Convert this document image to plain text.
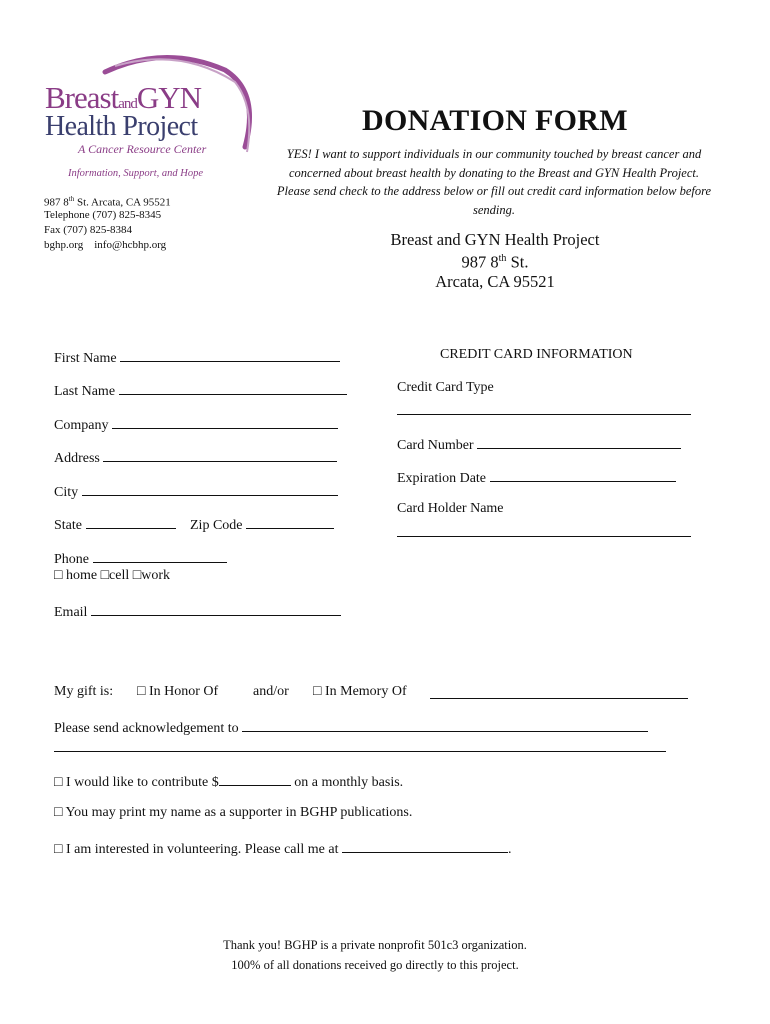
BreastandGYN
Health Project
A Cancer Resource Center
Information, Support, and Hope
987 8th St. Arcata, CA 95521
Telephone (707) 825-8345
Fax (707) 825-8384
bghp.org info@hcbhp.org
DONATION FORM
YES! I want to support individuals in our community touched by breast cancer and concerned about breast health by donating to the Breast and GYN Health Project. Please send check to the address below or fill out credit card information below before sending.
Breast and GYN Health Project
987 8th St.
Arcata, CA 95521
First Name
Last Name
Company
Address
City
State	Zip Code
Phone
□ home □cell □work
Email
CREDIT CARD INFORMATION
Credit Card Type
Card Number
Expiration Date
Card Holder Name
My gift is: □ In Honor Of and/or □ In Memory Of
Please send acknowledgement to
□ I would like to contribute $	on a monthly basis.
□ You may print my name as a supporter in BGHP publications.
□ I am interested in volunteering. Please call me at	.
Thank you! BGHP is a private nonprofit 501c3 organization.
100% of all donations received go directly to this project.
